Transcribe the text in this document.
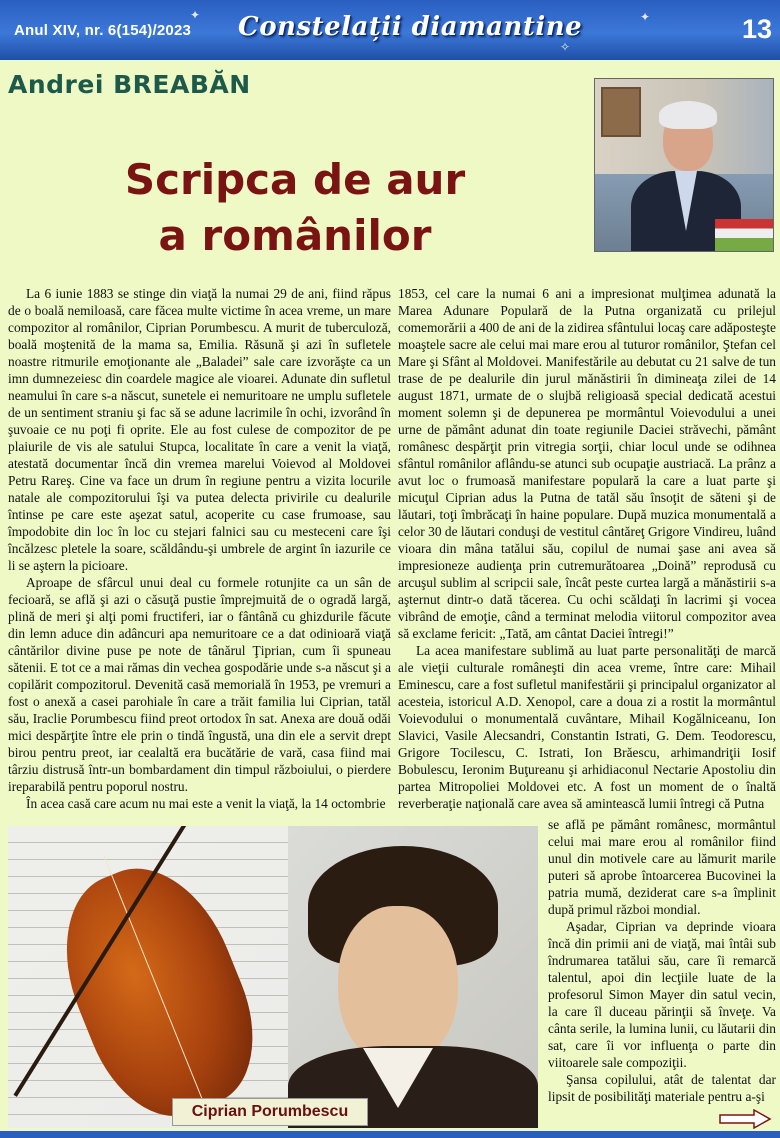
✦
✧
✦
Anul XIV, nr. 6(154)/2023 Constelații diamantine	13
Andrei BREABĂN
Scripca de aur
a românilor

La 6 iunie 1883 se stinge din viaţă la numai 29 de ani, fiind răpus de o boală nemiloasă, care făcea multe victime în acea vreme, un mare compozitor al românilor, Ciprian Porumbescu. A murit de tuberculoză, boală moştenită de la mama sa, Emilia. Răsună şi azi în sufletele noastre ritmurile emoţionante ale „Baladei” sale care izvorăşte ca un imn dumnezeiesc din coardele magice ale vioarei. Adunate din sufletul neamului în care s-a născut, sunetele ei nemuritoare ne umplu sufletele de un sentiment straniu şi fac să se adune lacrimile în ochi, izvorând în şuvoaie ce nu poţi fi oprite. Ele au fost culese de compozitor de pe plaiurile de vis ale satului Stupca, localitate în care a venit la viaţă, atestată documentar încă din vremea marelui Voievod al Moldovei Petru Rareş. Cine va face un drum în regiune pentru a vizita locurile natale ale compozitorului îşi va putea delecta privirile cu dealurile întinse pe care este aşezat satul, acoperite cu case frumoase, sau împodobite din loc în loc cu stejari falnici sau cu mesteceni care îşi încălzesc pletele la soare, scăldându-şi umbrele de argint în iazurile ce li se aştern la picioare.

Aproape de sfârcul unui deal cu formele rotunjite ca un sân de fecioară, se află şi azi o căsuţă pustie împrejmuită de o ogradă largă, plină de meri şi alţi pomi fructiferi, iar o fântână cu ghizdurile făcute din lemn aduce din adâncuri apa nemuritoare ce a dat odinioară viaţă cântărilor divine puse pe note de tânărul Ţiprian, cum îi spuneau sătenii. E tot ce a mai rămas din vechea gospodărie unde s-a născut şi a copilărit compozitorul. Devenită casă memorială în 1953, pe vremuri a fost o anexă a casei parohiale în care a trăit familia lui Ciprian, tatăl său, Iraclie Porumbescu fiind preot ortodox în sat. Anexa are două odăi mici despărţite între ele prin o tindă îngustă, una din ele a servit drept birou pentru preot, iar cealaltă era bucătărie de vară, casa fiind mai târziu distrusă într-un bombardament din timpul războiului, o pierdere ireparabilă pentru poporul nostru.

În acea casă care acum nu mai este a venit la viaţă, la 14 octombrie

1853, cel care la numai 6 ani a impresionat mulţimea adunată la Marea Adunare Populară de la Putna organizată cu prilejul comemorării a 400 de ani de la zidirea sfântului locaş care adăposteşte moaştele sacre ale celui mai mare erou al tuturor românilor, Ştefan cel Mare şi Sfânt al Moldovei. Manifestările au debutat cu 21 salve de tun trase de pe dealurile din jurul mănăstirii în dimineaţa zilei de 14 august 1871, urmate de o slujbă religioasă special dedicată acestui moment solemn şi de depunerea pe mormântul Voievodului a unei urne de pământ adunat din toate regiunile Daciei străvechi, pământ românesc despărţit prin vitregia sorţii, chiar locul unde se odihnea sfântul românilor aflându-se atunci sub ocupaţie austriacă. La prânz a avut loc o frumoasă manifestare populară la care a luat parte şi micuţul Ciprian adus la Putna de tatăl său însoţit de săteni şi de lăutari, toţi îmbrăcaţi în haine populare. După muzica monumentală a celor 30 de lăutari conduşi de vestitul cântăreţ Grigore Vindireu, luând vioara din mâna tatălui său, copilul de numai şase ani avea să impresioneze audienţa prin cutremurătoarea „Doină” reprodusă cu arcuşul sublim al scripcii sale, încât peste curtea largă a mănăstirii s-a aşternut dintr-o dată tăcerea. Cu ochi scăldaţi în lacrimi şi vocea vibrând de emoţie, când a terminat melodia viitorul compozitor avea să exclame fericit: „Tată, am cântat Daciei întregi!”

La acea manifestare sublimă au luat parte personalităţi de marcă ale vieţii culturale româneşti din acea vreme, între care: Mihail Eminescu, care a fost sufletul manifestării şi principalul organizator al acesteia, istoricul A.D. Xenopol, care a doua zi a rostit la mormântul Voievodului o monumentală cuvântare, Mihail Kogălniceanu, Ion Slavici, Vasile Alecsandri, Constantin Istrati, G. Dem. Teodorescu, Grigore Tocilescu, C. Istrati, Ion Brăescu, arhimandriţii Iosif Bobulescu, Ieronim Buţureanu şi arhidiaconul Nectarie Apostoliu din partea Mitropoliei Moldovei etc. A fost un moment de o înaltă reverberaţie naţională care avea să amintească lumii întregi că Putna

se află pe pământ românesc, mormântul celui mai mare erou al românilor fiind unul din motivele care au lămurit marile puteri să aprobe întoarcerea Bucovinei la patria mumă, deziderat care s-a împlinit după primul război mondial.

Aşadar, Ciprian va deprinde vioara încă din primii ani de viaţă, mai întâi sub îndrumarea tatălui său, care îi remarcă talentul, apoi din lecţiile luate de la profesorul Simon Mayer din satul vecin, la care îl duceau părinţii să înveţe. Va cânta serile, la lumina lunii, cu lăutarii din sat, care îi vor influenţa o parte din viitoarele sale compoziţii.

Şansa copilului, atât de talentat dar lipsit de posibilităţi materiale pentru a-şi

Ciprian Porumbescu
